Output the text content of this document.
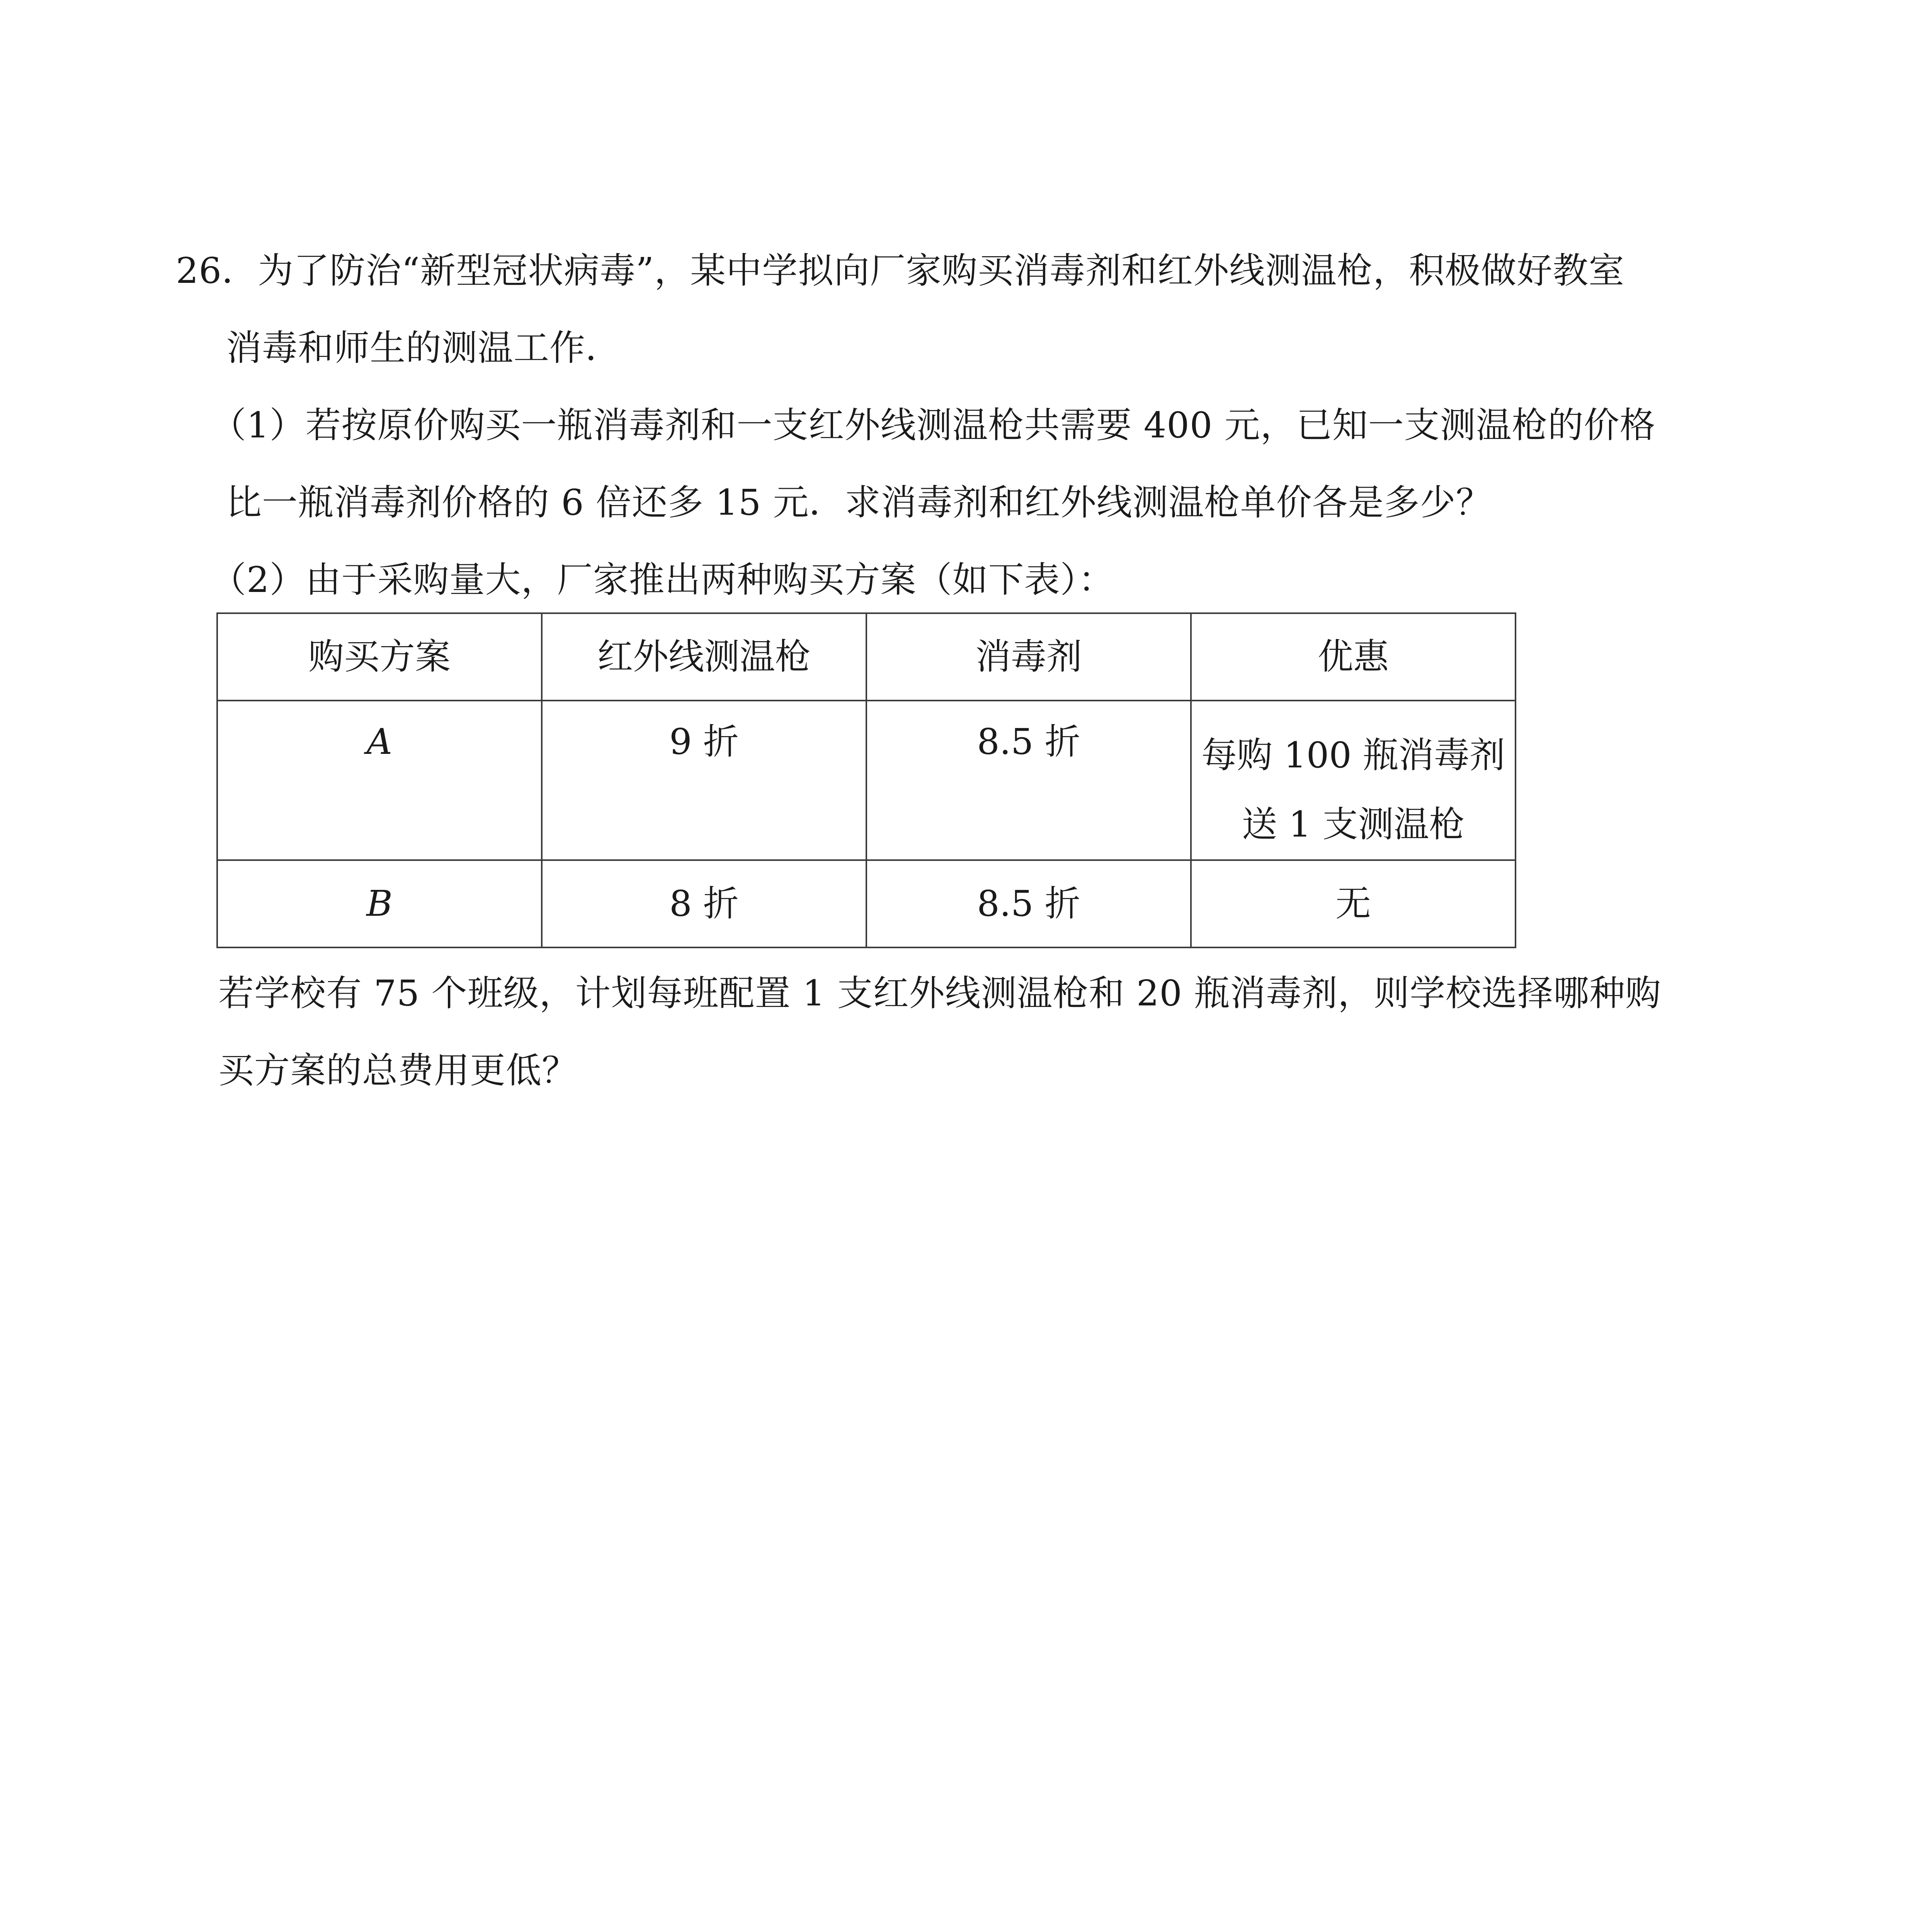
26．为了防治“新型冠状病毒”，某中学拟向厂家购买消毒剂和红外线测温枪，积极做好教室
消毒和师生的测温工作．
（1）若按原价购买一瓶消毒剂和一支红外线测温枪共需要 400 元，已知一支测温枪的价格
比一瓶消毒剂价格的 6 倍还多 15 元．求消毒剂和红外线测温枪单价各是多少？
（2）由于采购量大，厂家推出两种购买方案（如下表）：
购买方案	红外线测温枪	消毒剂	优惠
A	9 折	8.5 折	每购 100 瓶消毒剂
送 1 支测温枪

B	8 折	8.5 折	无
若学校有 75 个班级，计划每班配置 1 支红外线测温枪和 20 瓶消毒剂，则学校选择哪种购
买方案的总费用更低？
